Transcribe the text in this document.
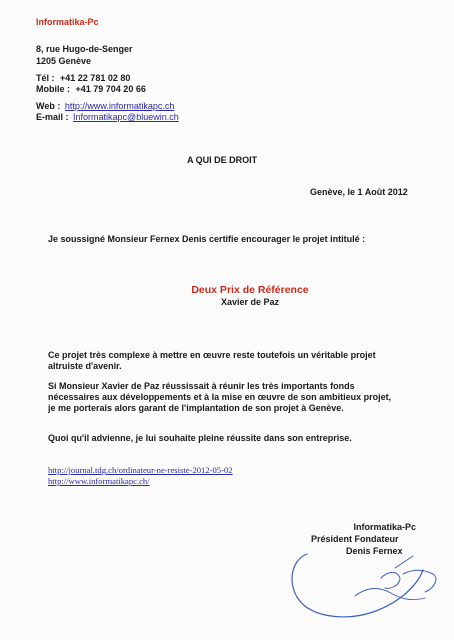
Informatika-Pc
8, rue Hugo-de-Senger
1205 Genève
Tél : +41 22 781 02 80
Mobile : +41 79 704 20 66
Web : http://www.informatikapc.ch
E-mail : Informatikapc@bluewin.ch
A QUI DE DROIT
Genève, le 1 Août 2012
Je soussigné Monsieur Fernex Denis certifie encourager le projet intitulé :
Deux Prix de Référence
Xavier de Paz
Ce projet très complexe à mettre en œuvre reste toutefois un véritable projet altruiste d'avenir.
Si Monsieur Xavier de Paz réussissait à réunir les très importants fonds nécessaires aux développements et à la mise en œuvre de son ambitieux projet, je me porterais alors garant de l'implantation de son projet à Genève.
Quoi qu'il advienne, je lui souhaite pleine réussite dans son entreprise.
http://journal.tdg.ch/ordinateur-ne-resiste-2012-05-02
http://www.informatikapc.ch/
Informatika-Pc
Président Fondateur
Denis Fernex
